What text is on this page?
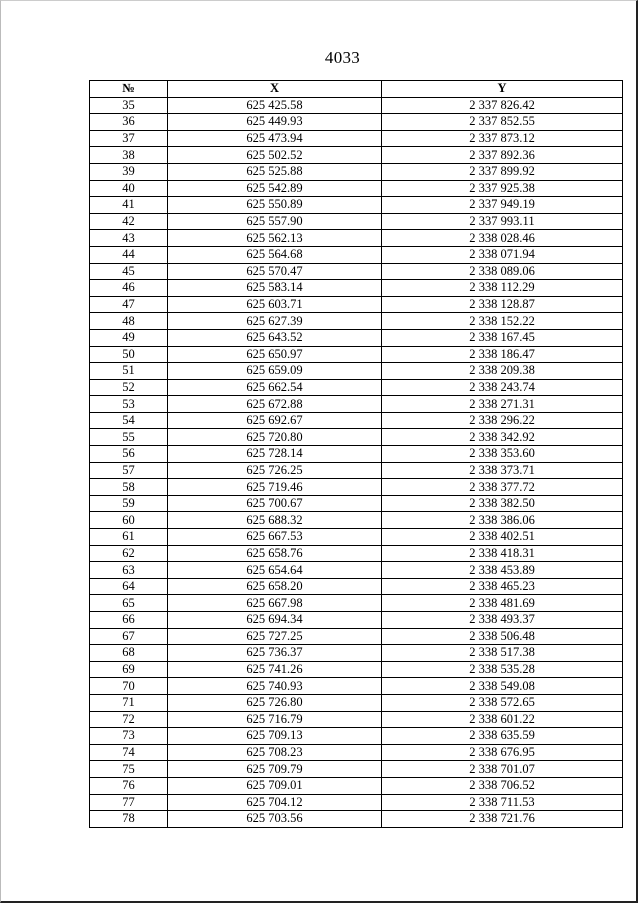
4033
№	X	Y
35	625 425.58	2 337 826.42
36	625 449.93	2 337 852.55
37	625 473.94	2 337 873.12
38	625 502.52	2 337 892.36
39	625 525.88	2 337 899.92
40	625 542.89	2 337 925.38
41	625 550.89	2 337 949.19
42	625 557.90	2 337 993.11
43	625 562.13	2 338 028.46
44	625 564.68	2 338 071.94
45	625 570.47	2 338 089.06
46	625 583.14	2 338 112.29
47	625 603.71	2 338 128.87
48	625 627.39	2 338 152.22
49	625 643.52	2 338 167.45
50	625 650.97	2 338 186.47
51	625 659.09	2 338 209.38
52	625 662.54	2 338 243.74
53	625 672.88	2 338 271.31
54	625 692.67	2 338 296.22
55	625 720.80	2 338 342.92
56	625 728.14	2 338 353.60
57	625 726.25	2 338 373.71
58	625 719.46	2 338 377.72
59	625 700.67	2 338 382.50
60	625 688.32	2 338 386.06
61	625 667.53	2 338 402.51
62	625 658.76	2 338 418.31
63	625 654.64	2 338 453.89
64	625 658.20	2 338 465.23
65	625 667.98	2 338 481.69
66	625 694.34	2 338 493.37
67	625 727.25	2 338 506.48
68	625 736.37	2 338 517.38
69	625 741.26	2 338 535.28
70	625 740.93	2 338 549.08
71	625 726.80	2 338 572.65
72	625 716.79	2 338 601.22
73	625 709.13	2 338 635.59
74	625 708.23	2 338 676.95
75	625 709.79	2 338 701.07
76	625 709.01	2 338 706.52
77	625 704.12	2 338 711.53
78	625 703.56	2 338 721.76
